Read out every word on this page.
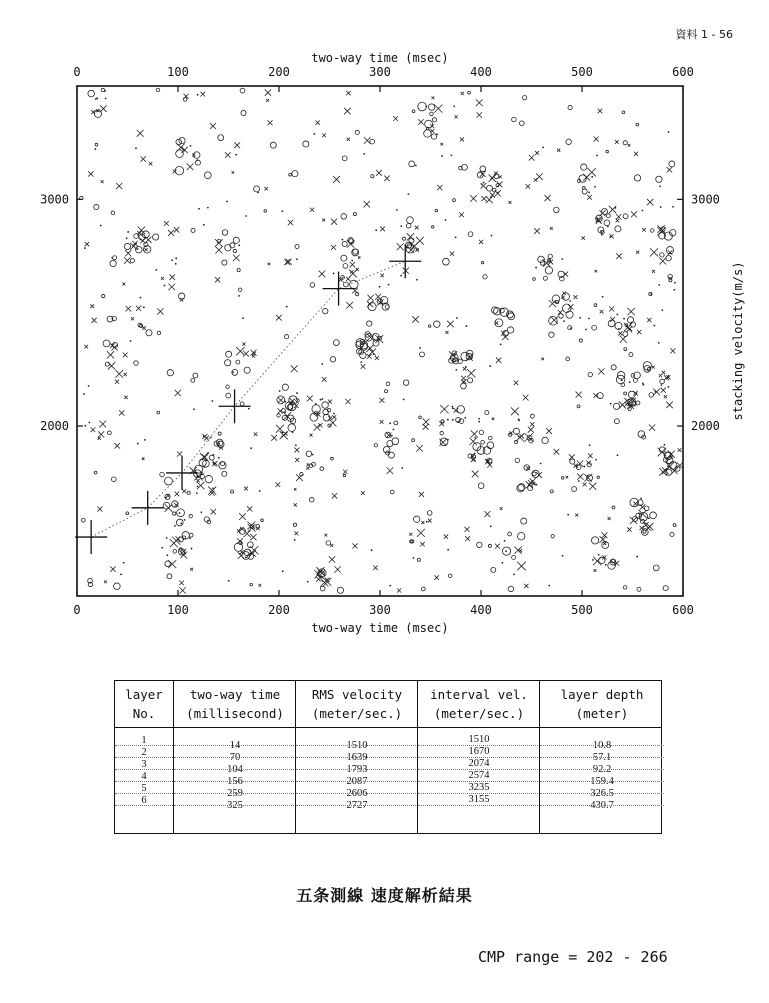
資料 1 - 56
0
0
100
100
200
200
300
300
400
400
500
500
600
600
2000	2000
3000	3000
two-way time (msec)
two-way time (msec)
stacking velocity(m/s)
layer
No.
1
2
3
4
5
6
two-way time
(millisecond)
14
70
104
156
259
325
RMS velocity
(meter/sec.)
1510
1639
1793
2087
2606
2727
interval vel.
(meter/sec.)
1510
1670
2074
2574
3235
3155
layer depth
(meter)
10.8
57.1
92.2
159.4
326.5
430.7
五条測線 速度解析結果
CMP range = 202 - 266
